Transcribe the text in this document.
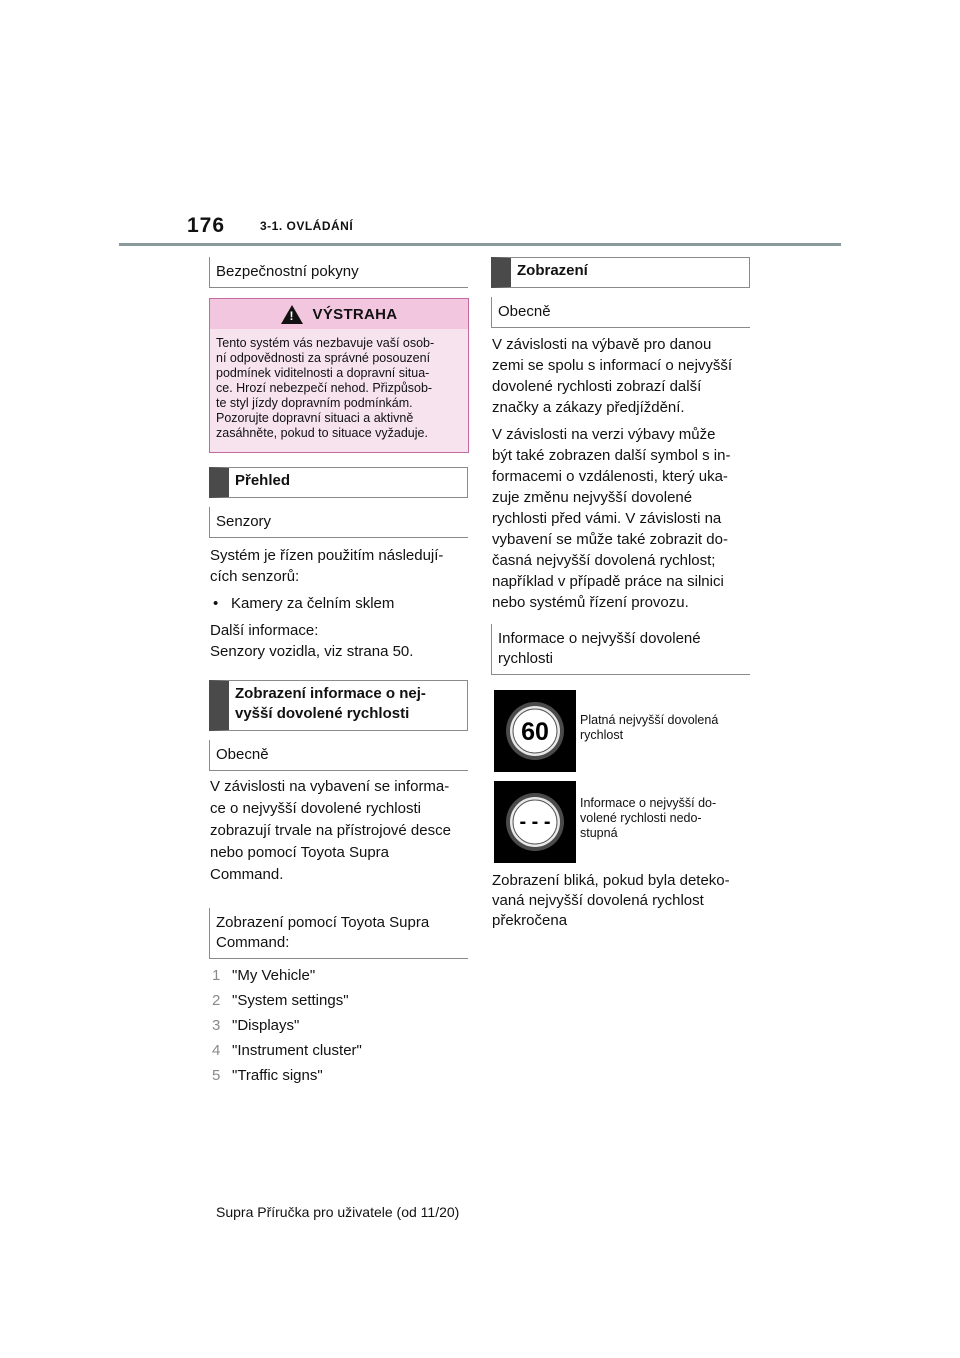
176	3-1. OVLÁDÁNÍ
Bezpečnostní pokyny
! VÝSTRAHA
Tento systém vás nezbavuje vaší osob-
ní odpovědnosti za správné posouzení
podmínek viditelnosti a dopravní situa-
ce. Hrozí nebezpečí nehod. Přizpůsob-
te styl jízdy dopravním podmínkám.
Pozorujte dopravní situaci a aktivně
zasáhněte, pokud to situace vyžaduje.
Přehled
Senzory

Systém je řízen použitím následují-
cích senzorů:

• Kamery za čelním sklem

Další informace:
Senzory vozidla, viz strana 50.

Zobrazení informace o nej-
vyšší dovolené rychlosti
Obecně
V závislosti na vybavení se informa-
ce o nejvyšší dovolené rychlosti
zobrazují trvale na přístrojové desce
nebo pomocí Toyota Supra
Command.
Zobrazení pomocí Toyota Supra
Command:
1 "My Vehicle"
2 "System settings"
3 "Displays"
4 "Instrument cluster"
5 "Traffic signs"
Zobrazení
Obecně

V závislosti na výbavě pro danou
zemi se spolu s informací o nejvyšší
dovolené rychlosti zobrazí další
značky a zákazy předjíždění.

V závislosti na verzi výbavy může
být také zobrazen další symbol s in-
formacemi o vzdálenosti, který uka-
zuje změnu nejvyšší dovolené
rychlosti před vámi. V závislosti na
vybavení se může také zobrazit do-
časná nejvyšší dovolená rychlost;
například v případě práce na silnici
nebo systémů řízení provozu.

Informace o nejvyšší dovolené
rychlosti
60 Platná nejvyšší dovolená
rychlost
- - -
Informace o nejvyšší do-
volené rychlosti nedo-
stupná
Zobrazení bliká, pokud byla deteko-
vaná nejvyšší dovolená rychlost
překročena
Supra Příručka pro uživatele (od 11/20)
